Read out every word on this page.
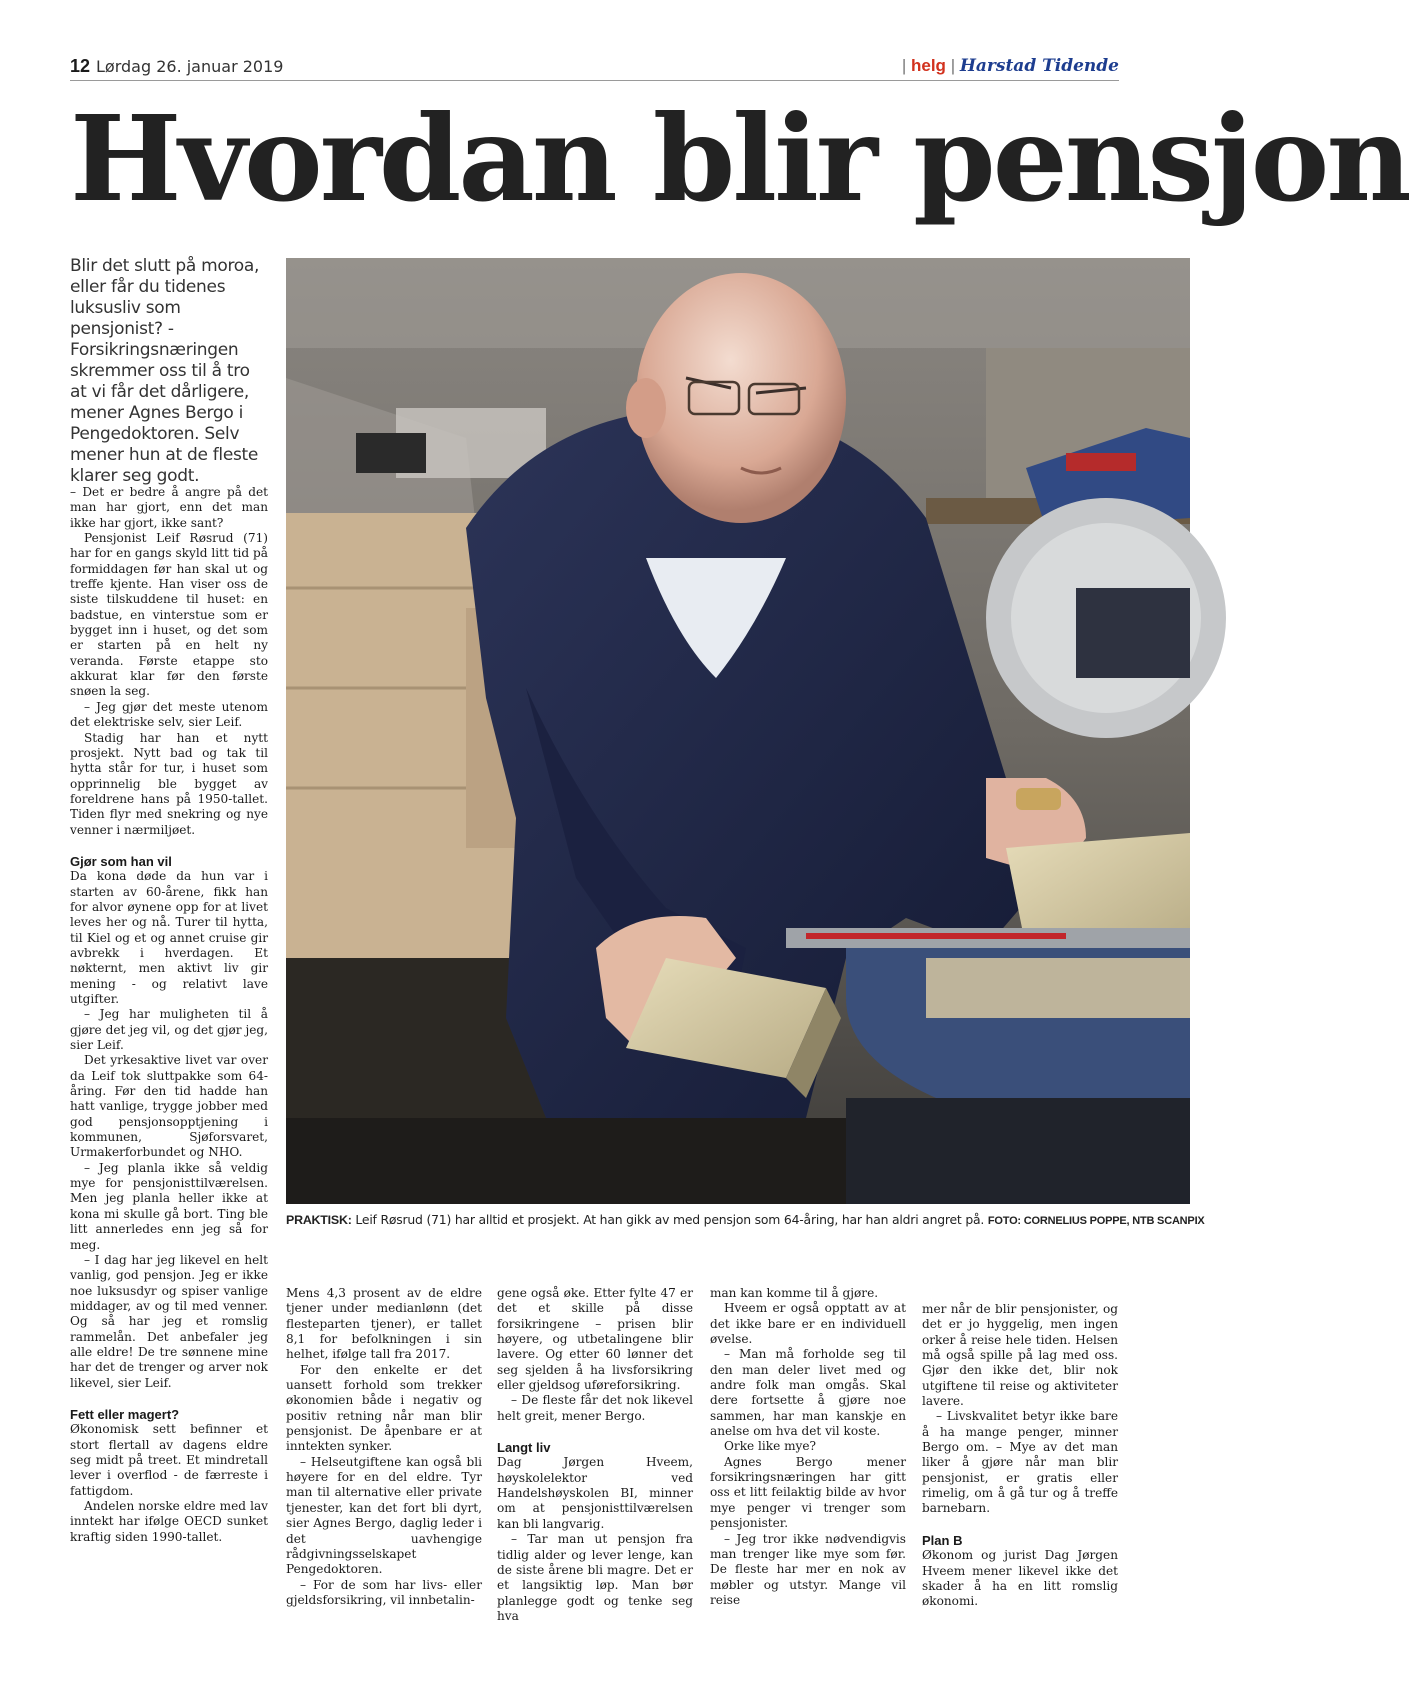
12 Lørdag 26. januar 2019	| helg | Harstad Tidende
Hvordan blir pensjon
Blir det slutt på moroa, eller får du tidenes luksusliv som pensjonist? - Forsikringsnæringen skremmer oss til å tro at vi får det dårligere, mener Agnes Bergo i Pengedoktoren. Selv mener hun at de fleste klarer seg godt.

– Det er bedre å angre på det man har gjort, enn det man ikke har gjort, ikke sant?

Pensjonist Leif Røsrud (71) har for en gangs skyld litt tid på formiddagen før han skal ut og treffe kjente. Han viser oss de siste tilskuddene til huset: en badstue, en vinterstue som er bygget inn i huset, og det som er starten på en helt ny veranda. Første etappe sto akkurat klar før den første snøen la seg.

– Jeg gjør det meste utenom det elektriske selv, sier Leif.

Stadig har han et nytt prosjekt. Nytt bad og tak til hytta står for tur, i huset som opprinnelig ble bygget av foreldrene hans på 1950-tallet. Tiden flyr med snekring og nye venner i nærmiljøet.

Gjør som han vil

Da kona døde da hun var i starten av 60-årene, fikk han for alvor øynene opp for at livet leves her og nå. Turer til hytta, til Kiel og et og annet cruise gir avbrekk i hverdagen. Et nøkternt, men aktivt liv gir mening - og relativt lave utgifter.

– Jeg har muligheten til å gjøre det jeg vil, og det gjør jeg, sier Leif.

Det yrkesaktive livet var over da Leif tok sluttpakke som 64-åring. Før den tid hadde han hatt vanlige, trygge jobber med god pensjonsopptjening i kommunen, Sjøforsvaret, Urmakerforbundet og NHO.

– Jeg planla ikke så veldig mye for pensjonisttilværelsen. Men jeg planla heller ikke at kona mi skulle gå bort. Ting ble litt annerledes enn jeg så for meg.

– I dag har jeg likevel en helt vanlig, god pensjon. Jeg er ikke noe luksusdyr og spiser vanlige middager, av og til med venner. Og så har jeg et romslig rammelån. Det anbefaler jeg alle eldre! De tre sønnene mine har det de trenger og arver nok likevel, sier Leif.

Fett eller magert?

Økonomisk sett befinner et stort flertall av dagens eldre seg midt på treet. Et mindretall lever i overflod - de færreste i fattigdom.

Andelen norske eldre med lav inntekt har ifølge OECD sunket kraftig siden 1990-tallet.

PRAKTISK: Leif Røsrud (71) har alltid et prosjekt. At han gikk av med pensjon som 64-åring, har han aldri angret på. FOTO: CORNELIUS POPPE, NTB SCANPIX

Mens 4,3 prosent av de eldre tjener under medianlønn (det flesteparten tjener), er tallet 8,1 for befolkningen i sin helhet, ifølge tall fra 2017.

For den enkelte er det uansett forhold som trekker økonomien både i negativ og positiv retning når man blir pensjonist. De åpenbare er at inntekten synker.

– Helseutgiftene kan også bli høyere for en del eldre. Tyr man til alternative eller private tjenester, kan det fort bli dyrt, sier Agnes Bergo, daglig leder i det uavhengige rådgivningsselskapet Pengedoktoren.

– For de som har livs- eller gjeldsforsikring, vil innbetalin-

gene også øke. Etter fylte 47 er det et skille på disse forsikringene – prisen blir høyere, og utbetalingene blir lavere. Og etter 60 lønner det seg sjelden å ha livsforsikring eller gjeldsog uføreforsikring.

– De fleste får det nok likevel helt greit, mener Bergo.

Langt liv

Dag Jørgen Hveem, høyskolelektor ved Handelshøyskolen BI, minner om at pensjonisttilværelsen kan bli langvarig.

– Tar man ut pensjon fra tidlig alder og lever lenge, kan de siste årene bli magre. Det er et langsiktig løp. Man bør planlegge godt og tenke seg hva

man kan komme til å gjøre.

Hveem er også opptatt av at det ikke bare er en individuell øvelse.

– Man må forholde seg til den man deler livet med og andre folk man omgås. Skal dere fortsette å gjøre noe sammen, har man kanskje en anelse om hva det vil koste.

Orke like mye?

Agnes Bergo mener forsikringsnæringen har gitt oss et litt feilaktig bilde av hvor mye penger vi trenger som pensjonister.

– Jeg tror ikke nødvendigvis man trenger like mye som før. De fleste har mer en nok av møbler og utstyr. Mange vil reise

mer når de blir pensjonister, og det er jo hyggelig, men ingen orker å reise hele tiden. Helsen må også spille på lag med oss. Gjør den ikke det, blir nok utgiftene til reise og aktiviteter lavere.

– Livskvalitet betyr ikke bare å ha mange penger, minner Bergo om. – Mye av det man liker å gjøre når man blir pensjonist, er gratis eller rimelig, om å gå tur og å treffe barnebarn.

Plan B

Økonom og jurist Dag Jørgen Hveem mener likevel ikke det skader å ha en litt romslig økonomi.
